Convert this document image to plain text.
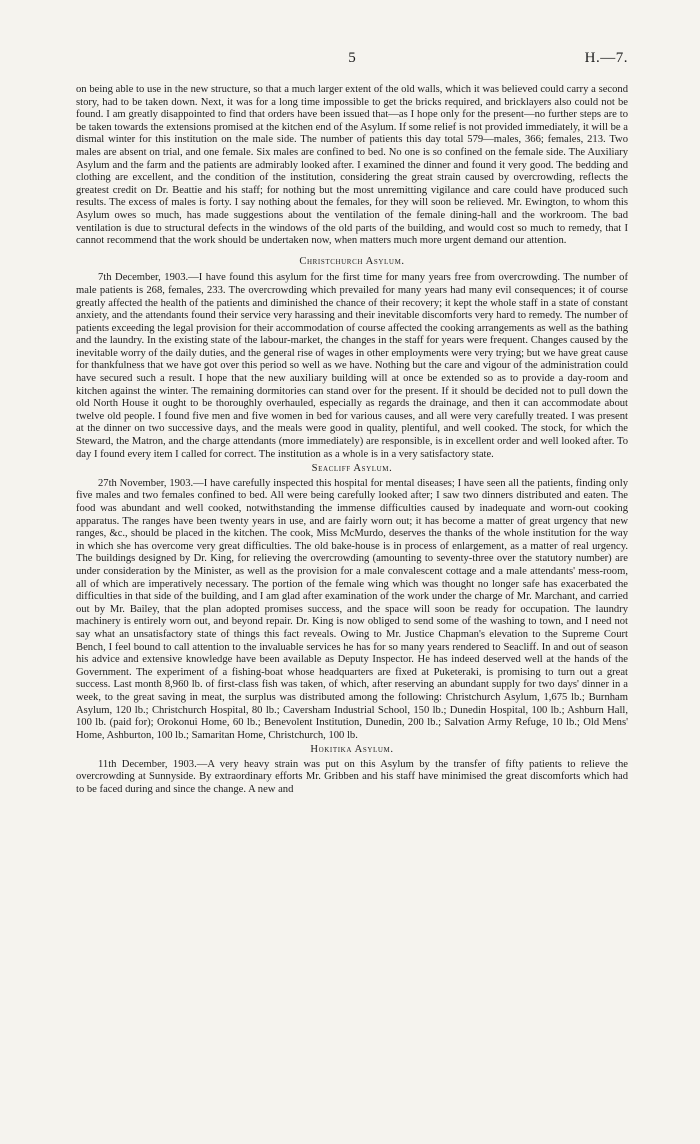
5	H.—7.

on being able to use in the new structure, so that a much larger extent of the old walls, which it was believed could carry a second story, had to be taken down. Next, it was for a long time impossible to get the bricks required, and bricklayers also could not be found. I am greatly disappointed to find that orders have been issued that—as I hope only for the present—no further steps are to be taken towards the extensions promised at the kitchen end of the Asylum. If some relief is not provided immediately, it will be a dismal winter for this institution on the male side. The number of patients this day total 579—males, 366; females, 213. Two males are absent on trial, and one female. Six males are confined to bed. No one is so confined on the female side. The Auxiliary Asylum and the farm and the patients are admirably looked after. I examined the dinner and found it very good. The bedding and clothing are excellent, and the condition of the institution, considering the great strain caused by overcrowding, reflects the greatest credit on Dr. Beattie and his staff; for nothing but the most unremitting vigilance and care could have produced such results. The excess of males is forty. I say nothing about the females, for they will soon be relieved. Mr. Ewington, to whom this Asylum owes so much, has made suggestions about the ventilation of the female dining-hall and the workroom. The bad ventilation is due to structural defects in the windows of the old parts of the building, and would cost so much to remedy, that I cannot recommend that the work should be undertaken now, when matters much more urgent demand our attention.

Christchurch Asylum.

7th December, 1903.—I have found this asylum for the first time for many years free from overcrowding. The number of male patients is 268, females, 233. The overcrowding which prevailed for many years had many evil consequences; it of course greatly affected the health of the patients and diminished the chance of their recovery; it kept the whole staff in a state of constant anxiety, and the attendants found their service very harassing and their inevitable discomforts very hard to remedy. The number of patients exceeding the legal provision for their accommodation of course affected the cooking arrangements as well as the bathing and the laundry. In the existing state of the labour-market, the changes in the staff for years were frequent. Changes caused by the inevitable worry of the daily duties, and the general rise of wages in other employments were very trying; but we have great cause for thankfulness that we have got over this period so well as we have. Nothing but the care and vigour of the administration could have secured such a result. I hope that the new auxiliary building will at once be extended so as to provide a day-room and kitchen against the winter. The remaining dormitories can stand over for the present. If it should be decided not to pull down the old North House it ought to be thoroughly overhauled, especially as regards the drainage, and then it can accommodate about twelve old people. I found five men and five women in bed for various causes, and all were very carefully treated. I was present at the dinner on two successive days, and the meals were good in quality, plentiful, and well cooked. The stock, for which the Steward, the Matron, and the charge attendants (more immediately) are responsible, is in excellent order and well looked after. To day I found every item I called for correct. The institution as a whole is in a very satisfactory state.

Seacliff Asylum.

27th November, 1903.—I have carefully inspected this hospital for mental diseases; I have seen all the patients, finding only five males and two females confined to bed. All were being carefully looked after; I saw two dinners distributed and eaten. The food was abundant and well cooked, notwithstanding the immense difficulties caused by inadequate and worn-out cooking apparatus. The ranges have been twenty years in use, and are fairly worn out; it has become a matter of great urgency that new ranges, &c., should be placed in the kitchen. The cook, Miss McMurdo, deserves the thanks of the whole institution for the way in which she has overcome very great difficulties. The old bake-house is in process of enlargement, as a matter of real urgency. The buildings designed by Dr. King, for relieving the overcrowding (amounting to seventy-three over the statutory number) are under consideration by the Minister, as well as the provision for a male convalescent cottage and a male attendants' mess-room, all of which are imperatively necessary. The portion of the female wing which was thought no longer safe has exacerbated the difficulties in that side of the building, and I am glad after examination of the work under the charge of Mr. Marchant, and carried out by Mr. Bailey, that the plan adopted promises success, and the space will soon be ready for occupation. The laundry machinery is entirely worn out, and beyond repair. Dr. King is now obliged to send some of the washing to town, and I need not say what an unsatisfactory state of things this fact reveals. Owing to Mr. Justice Chapman's elevation to the Supreme Court Bench, I feel bound to call attention to the invaluable services he has for so many years rendered to Seacliff. In and out of season his advice and extensive knowledge have been available as Deputy Inspector. He has indeed deserved well at the hands of the Government. The experiment of a fishing-boat whose headquarters are fixed at Puketeraki, is promising to turn out a great success. Last month 8,960 lb. of first-class fish was taken, of which, after reserving an abundant supply for two days' dinner in a week, to the great saving in meat, the surplus was distributed among the following: Christchurch Asylum, 1,675 lb.; Burnham Asylum, 120 lb.; Christchurch Hospital, 80 lb.; Caversham Industrial School, 150 lb.; Dunedin Hospital, 100 lb.; Ashburn Hall, 100 lb. (paid for); Orokonui Home, 60 lb.; Benevolent Institution, Dunedin, 200 lb.; Salvation Army Refuge, 10 lb.; Old Mens' Home, Ashburton, 100 lb.; Samaritan Home, Christchurch, 100 lb.

Hokitika Asylum.

11th December, 1903.—A very heavy strain was put on this Asylum by the transfer of fifty patients to relieve the overcrowding at Sunnyside. By extraordinary efforts Mr. Gribben and his staff have minimised the great discomforts which had to be faced during and since the change. A new and
